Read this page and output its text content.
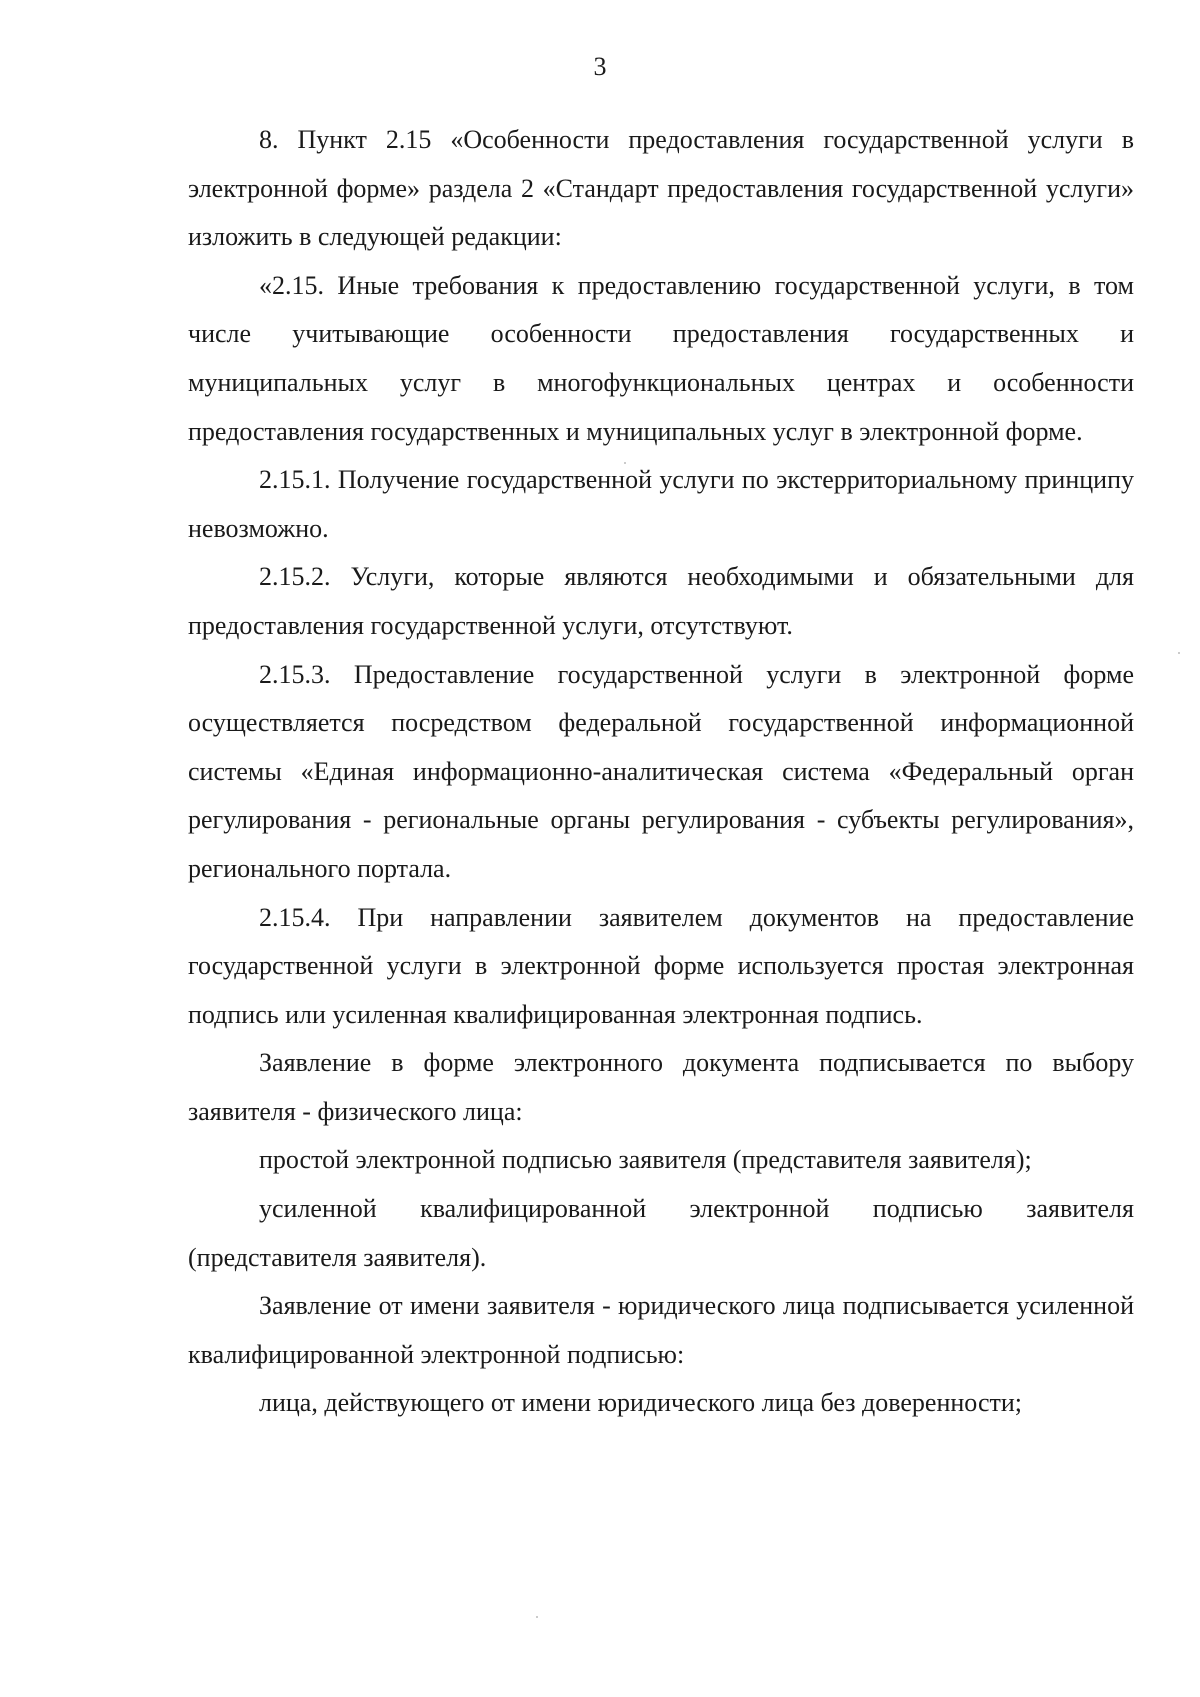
3

8. Пункт 2.15 «Особенности предоставления государственной услуги в электронной форме» раздела 2 «Стандарт предоставления государственной услуги» изложить в следующей редакции:

«2.15. Иные требования к предоставлению государственной услуги, в том числе учитывающие особенности предоставления государственных и муниципальных услуг в многофункциональных центрах и особенности предоставления государственных и муниципальных услуг в электронной форме.

2.15.1. Получение государственной услуги по экстерриториальному принципу невозможно.

2.15.2. Услуги, которые являются необходимыми и обязательными для предоставления государственной услуги, отсутствуют.

2.15.3. Предоставление государственной услуги в электронной форме осуществляется посредством федеральной государственной информационной системы «Единая информационно-аналитическая система «Федеральный орган регулирования - региональные органы регулирования - субъекты регулирования», регионального портала.

2.15.4. При направлении заявителем документов на предоставление государственной услуги в электронной форме используется простая электронная подпись или усиленная квалифицированная электронная подпись.

Заявление в форме электронного документа подписывается по выбору заявителя - физического лица:

простой электронной подписью заявителя (представителя заявителя);

усиленной квалифицированной электронной подписью заявителя (представителя заявителя).

Заявление от имени заявителя - юридического лица подписывается усиленной квалифицированной электронной подписью:

лица, действующего от имени юридического лица без доверенности;
